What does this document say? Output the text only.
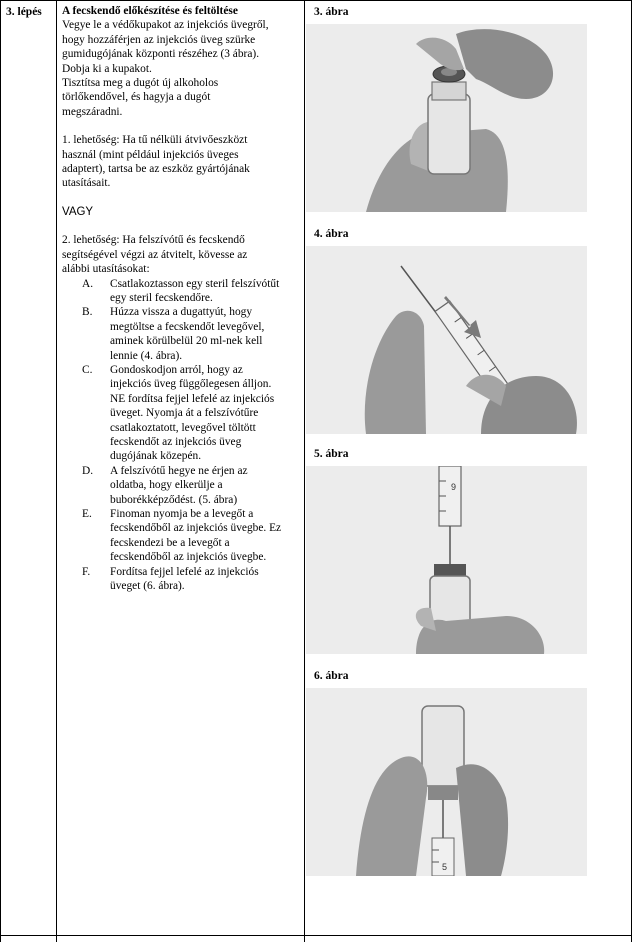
3. lépés	A fecskendő előkészítése és feltöltése
Vegye le a védőkupakot az injekciós üvegről,
hogy hozzáférjen az injekciós üveg szürke
gumidugójának központi részéhez (3 ábra).
Dobja ki a kupakot.
Tisztítsa meg a dugót új alkoholos
törlőkendővel, és hagyja a dugót
megszáradni.
1. lehetőség: Ha tű nélküli átvivőeszközt
használ (mint például injekciós üveges
adaptert), tartsa be az eszköz gyártójának
utasításait.
VAGY
2. lehetőség: Ha felszívótű és fecskendő
segítségével végzi az átvitelt, kövesse az
alábbi utasításokat:
A.	Csatlakoztasson egy steril felszívótűt
egy steril fecskendőre.
B.	Húzza vissza a dugattyút, hogy
megtöltse a fecskendőt levegővel,
aminek körülbelül 20 ml-nek kell
lennie (4. ábra).
C.	Gondoskodjon arról, hogy az
injekciós üveg függőlegesen álljon.
NE fordítsa fejjel lefelé az injekciós
üveget. Nyomja át a felszívótűre
csatlakoztatott, levegővel töltött
fecskendőt az injekciós üveg
dugójának közepén.
D.	A felszívótű hegye ne érjen az
oldatba, hogy elkerülje a
buborékképződést. (5. ábra)
E.	Finoman nyomja be a levegőt a
fecskendőből az injekciós üvegbe. Ez
fecskendezi be a levegőt a
fecskendőből az injekciós üvegbe.
F.	Fordítsa fejjel lefelé az injekciós
üveget (6. ábra).
3. ábra
4. ábra
5. ábra
9
6. ábra
5
